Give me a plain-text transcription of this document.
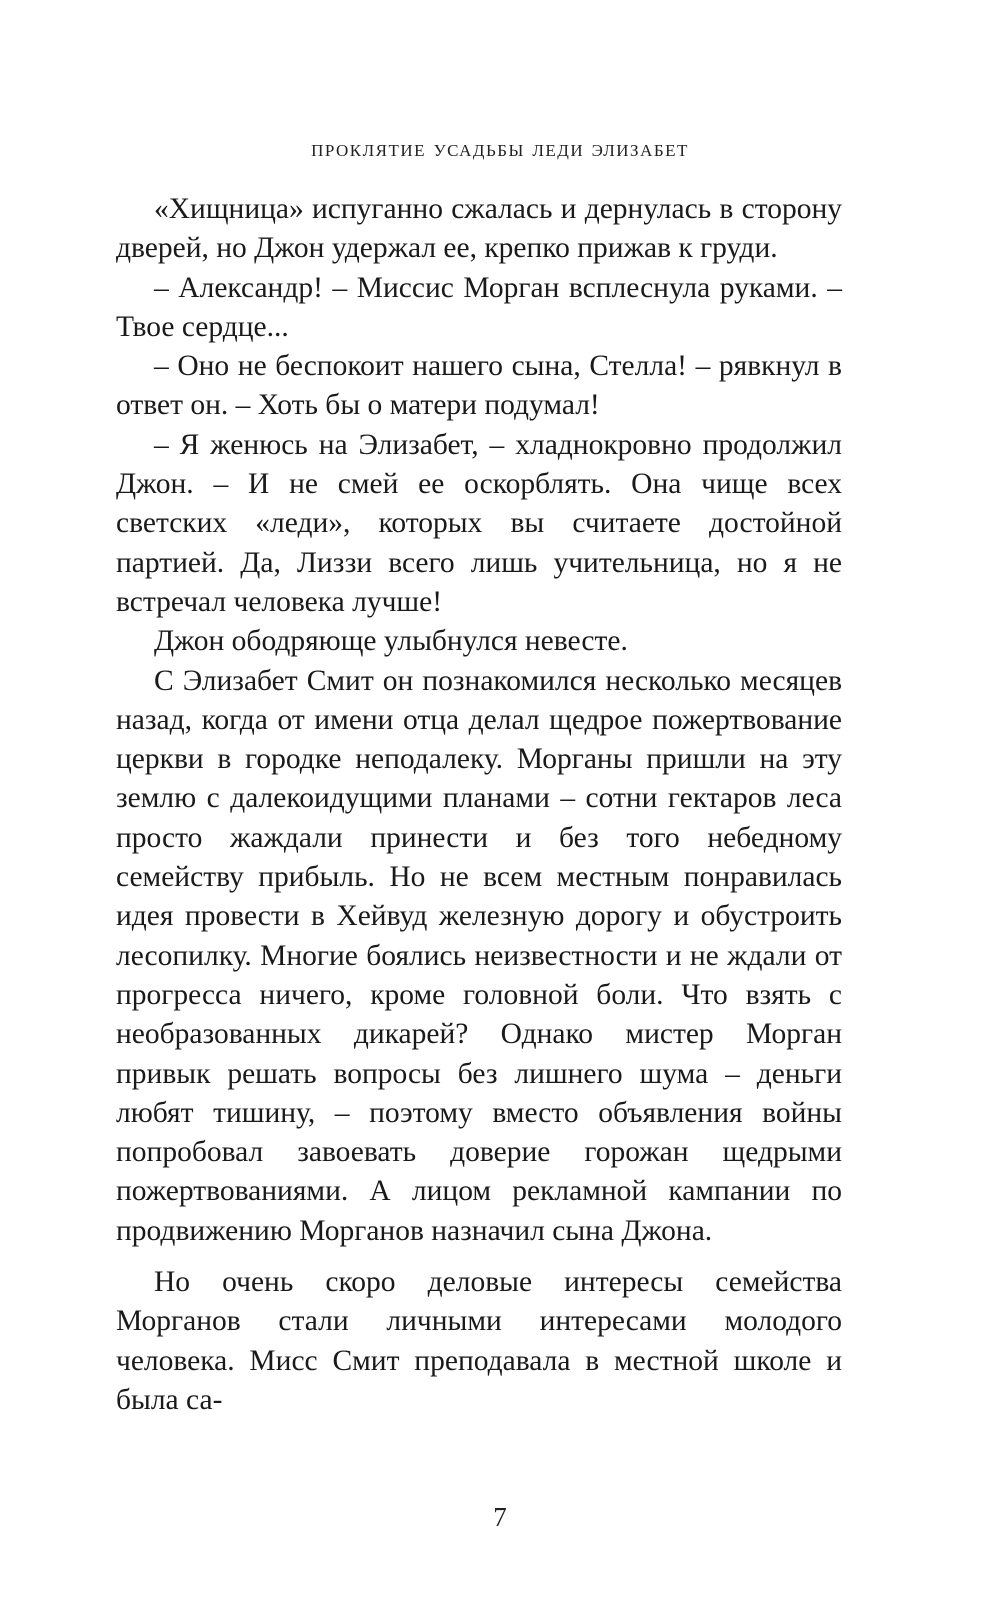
проклятие усадьбы леди элизабет

«Хищница» испуганно сжалась и дернулась в сторону дверей, но Джон удержал ее, крепко прижав к груди.

– Александр! – Миссис Морган всплеснула руками. – Твое сердце...

– Оно не беспокоит нашего сына, Стелла! – рявкнул в ответ он. – Хоть бы о матери подумал!

– Я женюсь на Элизабет, – хладнокровно продолжил Джон. – И не смей ее оскорблять. Она чище всех светских «леди», которых вы считаете достойной партией. Да, Лиззи всего лишь учительница, но я не встречал человека лучше!

Джон ободряюще улыбнулся невесте.

С Элизабет Смит он познакомился несколько месяцев назад, когда от имени отца делал щедрое пожертвование церкви в городке неподалеку. Морганы пришли на эту землю с далекоидущими планами – сотни гектаров леса просто жаждали принести и без того небедному семейству прибыль. Но не всем местным понравилась идея провести в Хейвуд железную дорогу и обустроить лесопилку. Многие боялись неизвестности и не ждали от прогресса ничего, кроме головной боли. Что взять с необразованных дикарей? Однако мистер Морган привык решать вопросы без лишнего шума – деньги любят тишину, – поэтому вместо объявления войны попробовал завоевать доверие горожан щедрыми пожертвованиями. А лицом рекламной кампании по продвижению Морганов назначил сына Джона.

Но очень скоро деловые интересы семейства Морганов стали личными интересами молодого человека. Мисс Смит преподавала в местной школе и была са-

7
